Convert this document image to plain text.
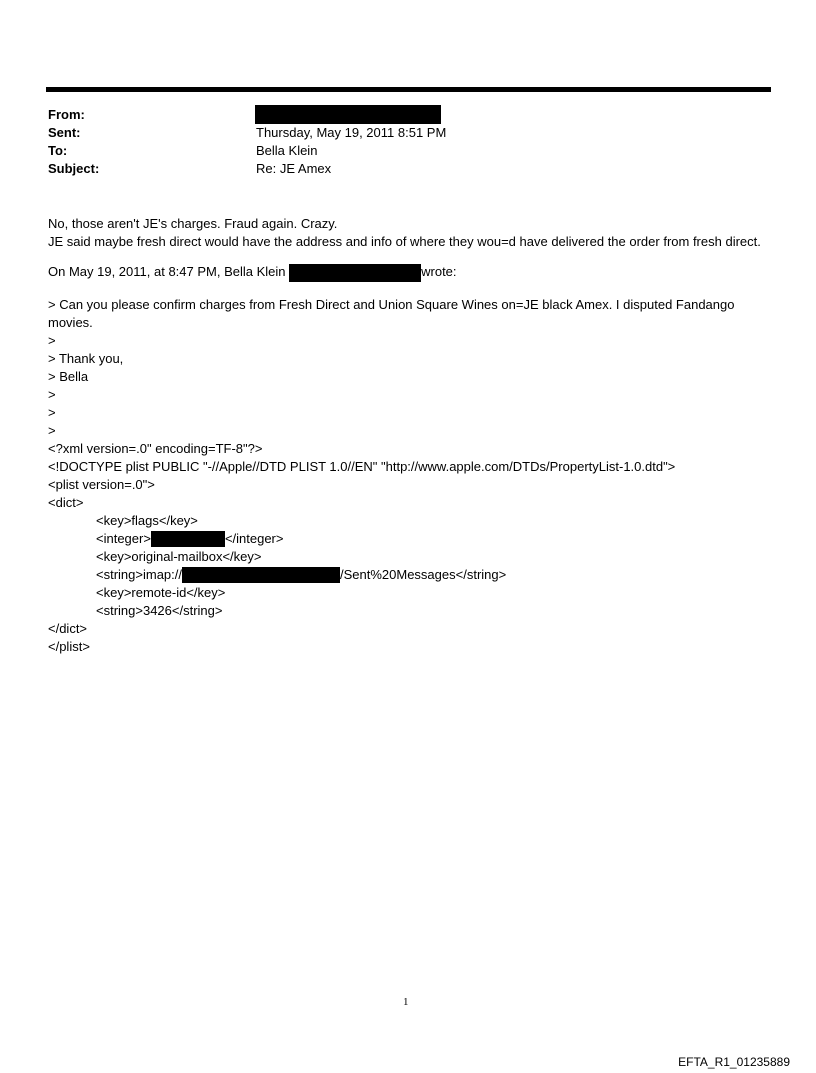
From:
Sent:	Thursday, May 19, 2011 8:51 PM
To:	Bella Klein
Subject:	Re: JE Amex

No, those aren't JE's charges. Fraud again. Crazy.

JE said maybe fresh direct would have the address and info of where they wou=d have delivered the order from fresh direct.

On May 19, 2011, at 8:47 PM, Bella Klein	wrote:

> Can you please confirm charges from Fresh Direct and Union Square Wines on=JE black Amex. I disputed Fandango movies.

>

> Thank you,

> Bella

>

>

>

<?xml version=.0" encoding=TF-8"?>

<!DOCTYPE plist PUBLIC "-//Apple//DTD PLIST 1.0//EN" "http://www.apple.com/DTDs/PropertyList-1.0.dtd">

<plist version=.0">

<dict>

<key>flags</key>

<integer>	</integer>

<key>original-mailbox</key>

<string>imap://	/Sent%20Messages</string>

<key>remote-id</key>

<string>3426</string>

</dict>

</plist>

1
EFTA_R1_01235889
